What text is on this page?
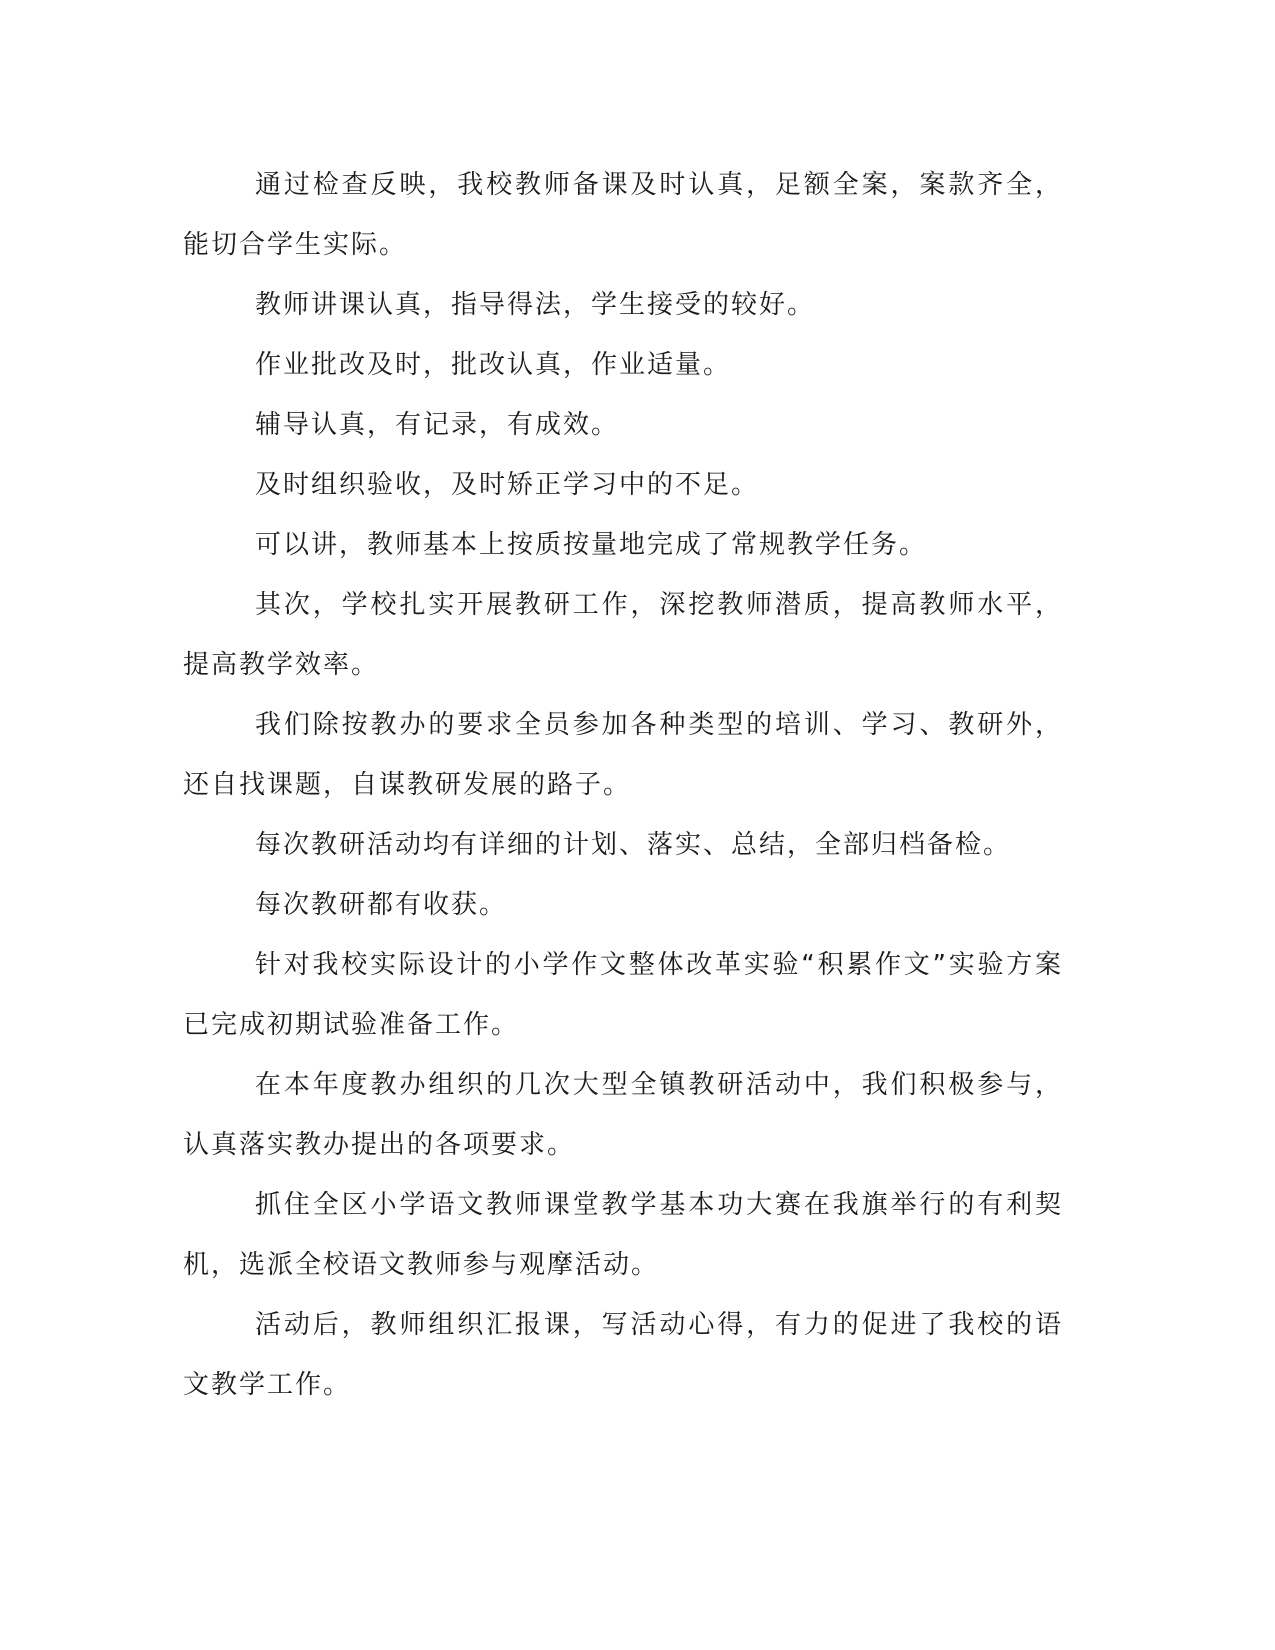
通过检查反映，我校教师备课及时认真，足额全案，案款齐全，能切合学生实际。

教师讲课认真，指导得法，学生接受的较好。

作业批改及时，批改认真，作业适量。

辅导认真，有记录，有成效。

及时组织验收，及时矫正学习中的不足。

可以讲，教师基本上按质按量地完成了常规教学任务。

其次，学校扎实开展教研工作，深挖教师潜质，提高教师水平，提高教学效率。

我们除按教办的要求全员参加各种类型的培训、学习、教研外，还自找课题，自谋教研发展的路子。

每次教研活动均有详细的计划、落实、总结，全部归档备检。

每次教研都有收获。

针对我校实际设计的小学作文整体改革实验“积累作文”实验方案已完成初期试验准备工作。

在本年度教办组织的几次大型全镇教研活动中，我们积极参与，认真落实教办提出的各项要求。

抓住全区小学语文教师课堂教学基本功大赛在我旗举行的有利契机，选派全校语文教师参与观摩活动。

活动后，教师组织汇报课，写活动心得，有力的促进了我校的语文教学工作。
